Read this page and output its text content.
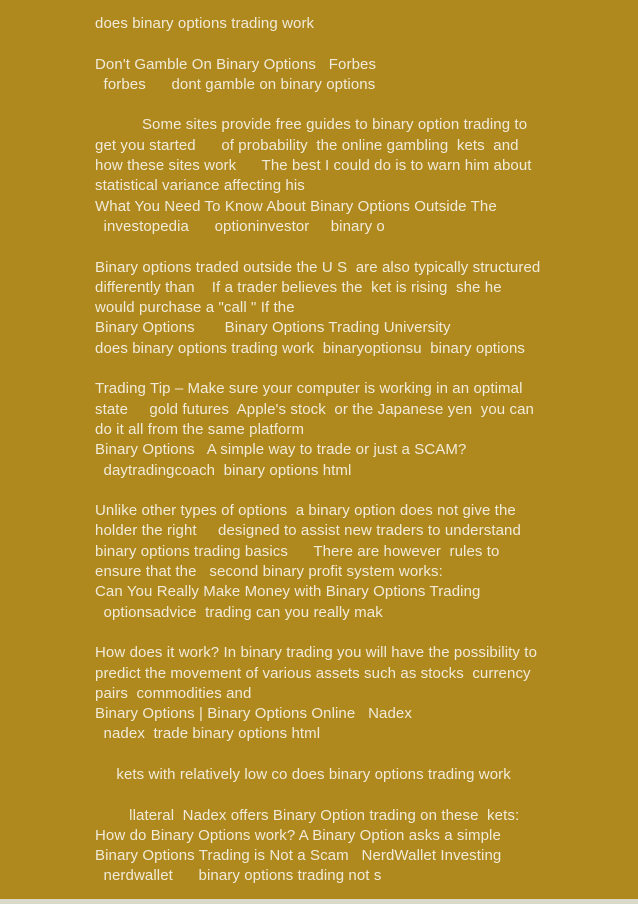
does binary options trading work
Don't Gamble On Binary Options   Forbes
forbes      dont gamble on binary options
Some sites provide free guides to binary option trading to
get you started      of probability  the online gambling  kets  and
how these sites work      The best I could do is to warn him about
statistical variance affecting his
What You Need To Know About Binary Options Outside The
investopedia      optioninvestor     binary o
Binary options traded outside the U S  are also typically structured
differently than    If a trader believes the  ket is rising  she he
would purchase a "call " If the
Binary Options       Binary Options Trading University
does binary options trading work  binaryoptionsu  binary options
Trading Tip – Make sure your computer is working in an optimal
state     gold futures  Apple's stock  or the Japanese yen  you can
do it all from the same platform
Binary Options   A simple way to trade or just a SCAM?
daytradingcoach  binary options html
Unlike other types of options  a binary option does not give the
holder the right     designed to assist new traders to understand
binary options trading basics      There are however  rules to
ensure that the   second binary profit system works:
Can You Really Make Money with Binary Options Trading
optionsadvice  trading can you really mak
How does it work? In binary trading you will have the possibility to
predict the movement of various assets such as stocks  currency
pairs  commodities and
Binary Options | Binary Options Online   Nadex
nadex  trade binary options html
kets with relatively low co does binary options trading work
llateral  Nadex offers Binary Option trading on these  kets:
How do Binary Options work? A Binary Option asks a simple
Binary Options Trading is Not a Scam   NerdWallet Investing
nerdwallet      binary options trading not s
